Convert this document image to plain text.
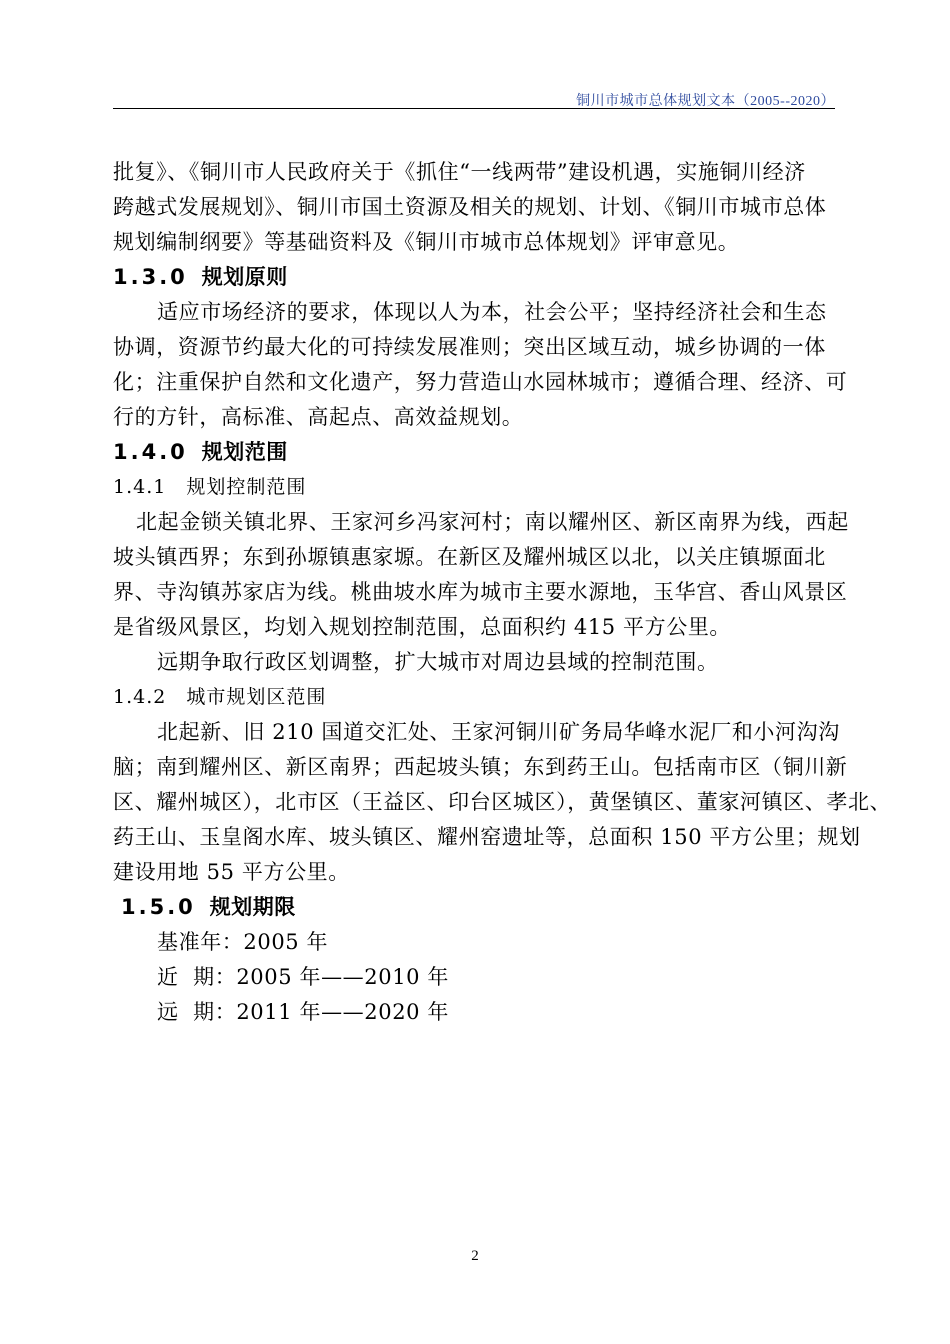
铜川市城市总体规划文本（2005--2020）
批复》、《铜川市人民政府关于《抓住“一线两带”建设机遇，实施铜川经济
跨越式发展规划》、铜川市国土资源及相关的规划、计划、《铜川市城市总体
规划编制纲要》等基础资料及《铜川市城市总体规划》评审意见。
1.3.0 规划原则
适应市场经济的要求，体现以人为本，社会公平；坚持经济社会和生态
协调，资源节约最大化的可持续发展准则；突出区域互动，城乡协调的一体
化；注重保护自然和文化遗产，努力营造山水园林城市；遵循合理、经济、可
行的方针，高标准、高起点、高效益规划。
1.4.0 规划范围
1.4.1 规划控制范围
北起金锁关镇北界、王家河乡冯家河村；南以耀州区、新区南界为线，西起
坡头镇西界；东到孙塬镇惠家塬。在新区及耀州城区以北，以关庄镇塬面北
界、寺沟镇苏家店为线。桃曲坡水库为城市主要水源地，玉华宫、香山风景区
是省级风景区，均划入规划控制范围，总面积约 415 平方公里。
远期争取行政区划调整，扩大城市对周边县域的控制范围。
1.4.2 城市规划区范围
北起新、旧 210 国道交汇处、王家河铜川矿务局华峰水泥厂和小河沟沟
脑；南到耀州区、新区南界；西起坡头镇；东到药王山。包括南市区（铜川新
区、耀州城区），北市区（王益区、印台区城区），黄堡镇区、董家河镇区、孝北、
药王山、玉皇阁水库、坡头镇区、耀州窑遗址等，总面积 150 平方公里；规划
建设用地 55 平方公里。
1.5.0 规划期限
基准年：2005 年
近  期：2005 年——2010 年
远  期：2011 年——2020 年
2
